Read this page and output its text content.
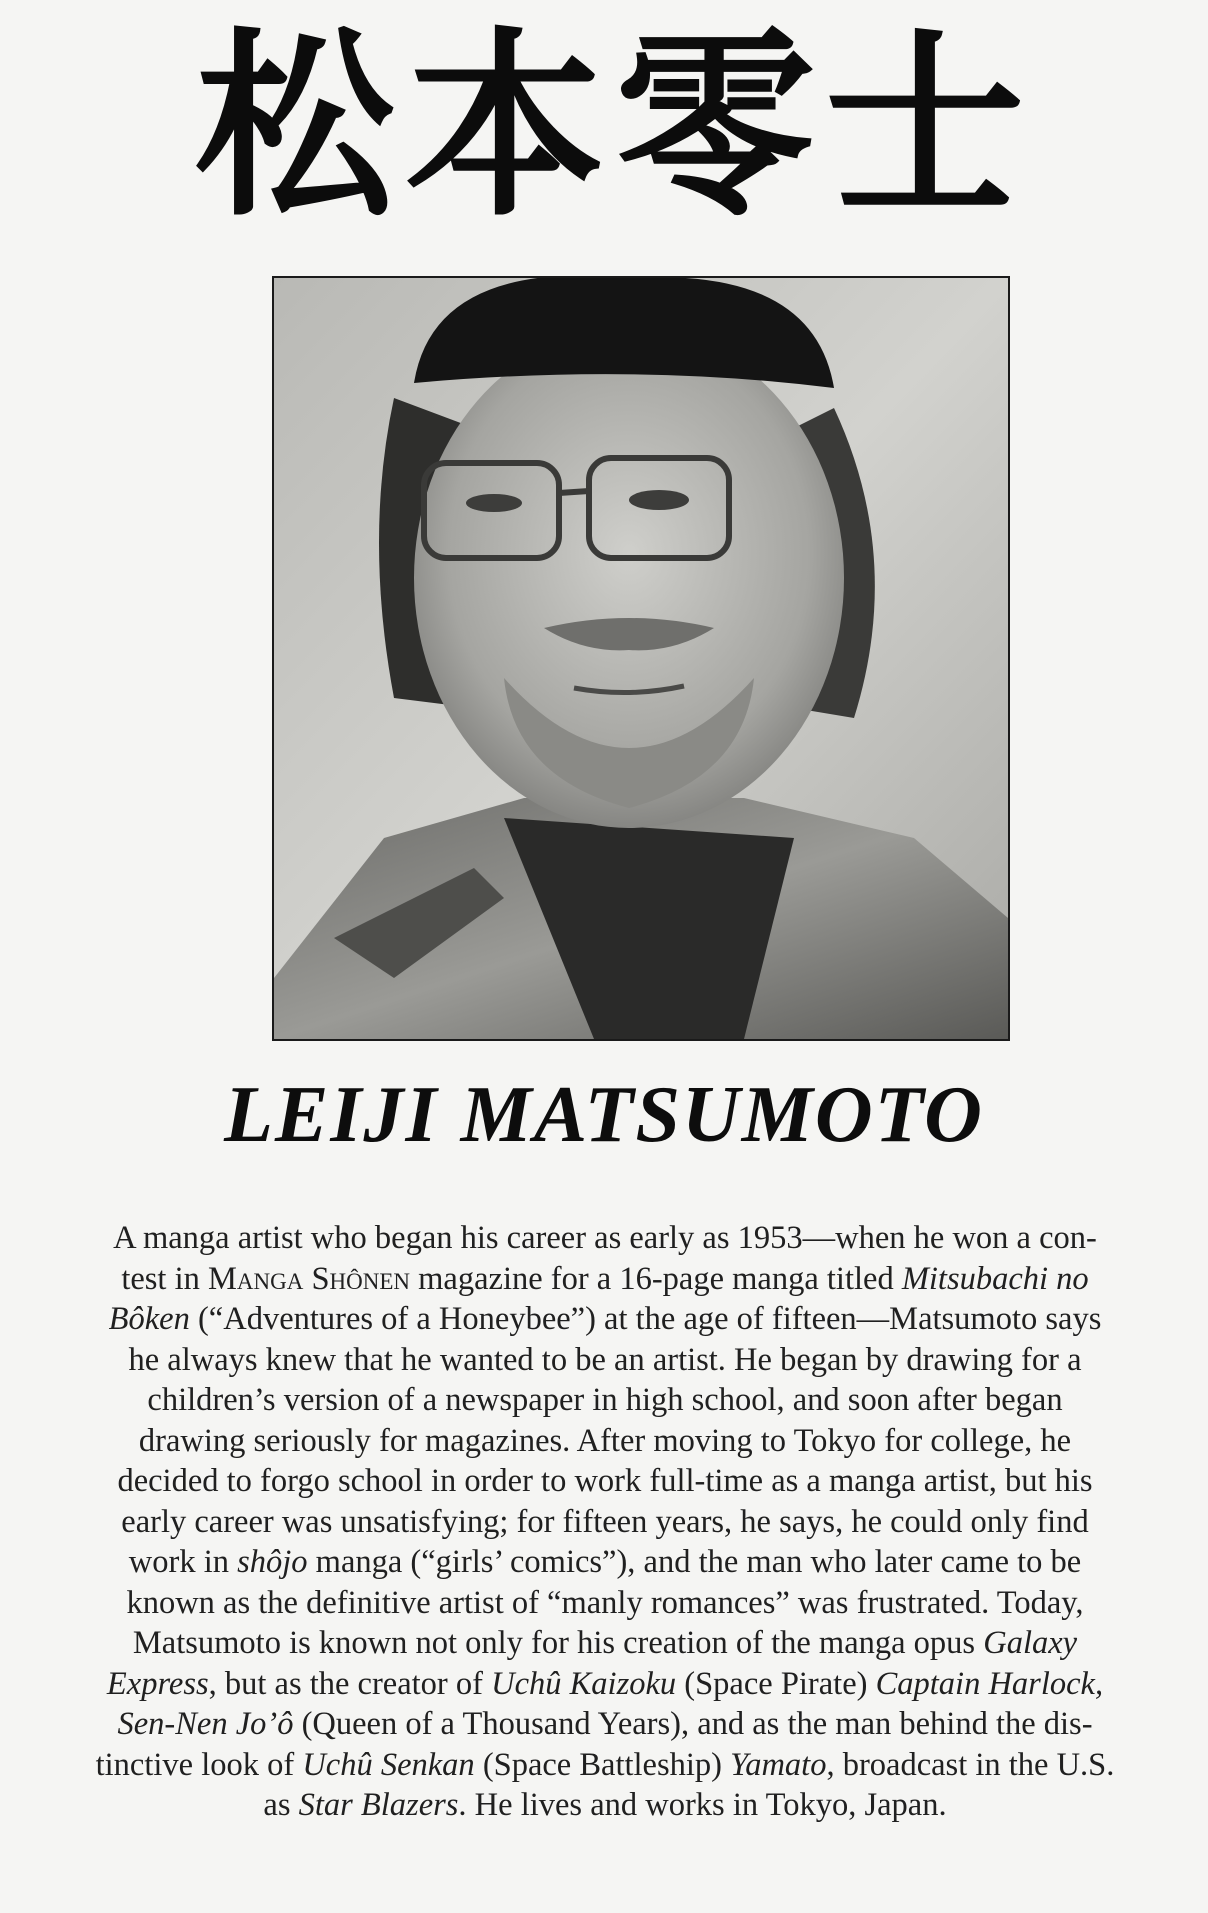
松本零士
LEIJI MATSUMOTO
A manga artist who began his career as early as 1953—when he won a con-
test in Manga Shônen magazine for a 16-page manga titled Mitsubachi no
Bôken (“Adventures of a Honeybee”) at the age of fifteen—Matsumoto says
he always knew that he wanted to be an artist. He began by drawing for a
children’s version of a newspaper in high school, and soon after began
drawing seriously for magazines. After moving to Tokyo for college, he
decided to forgo school in order to work full-time as a manga artist, but his
early career was unsatisfying; for fifteen years, he says, he could only find
work in shôjo manga (“girls’ comics”), and the man who later came to be
known as the definitive artist of “manly romances” was frustrated. Today,
Matsumoto is known not only for his creation of the manga opus Galaxy
Express, but as the creator of Uchû Kaizoku (Space Pirate) Captain Harlock,
Sen-Nen Jo’ô (Queen of a Thousand Years), and as the man behind the dis-
tinctive look of Uchû Senkan (Space Battleship) Yamato, broadcast in the U.S.
as Star Blazers. He lives and works in Tokyo, Japan.
